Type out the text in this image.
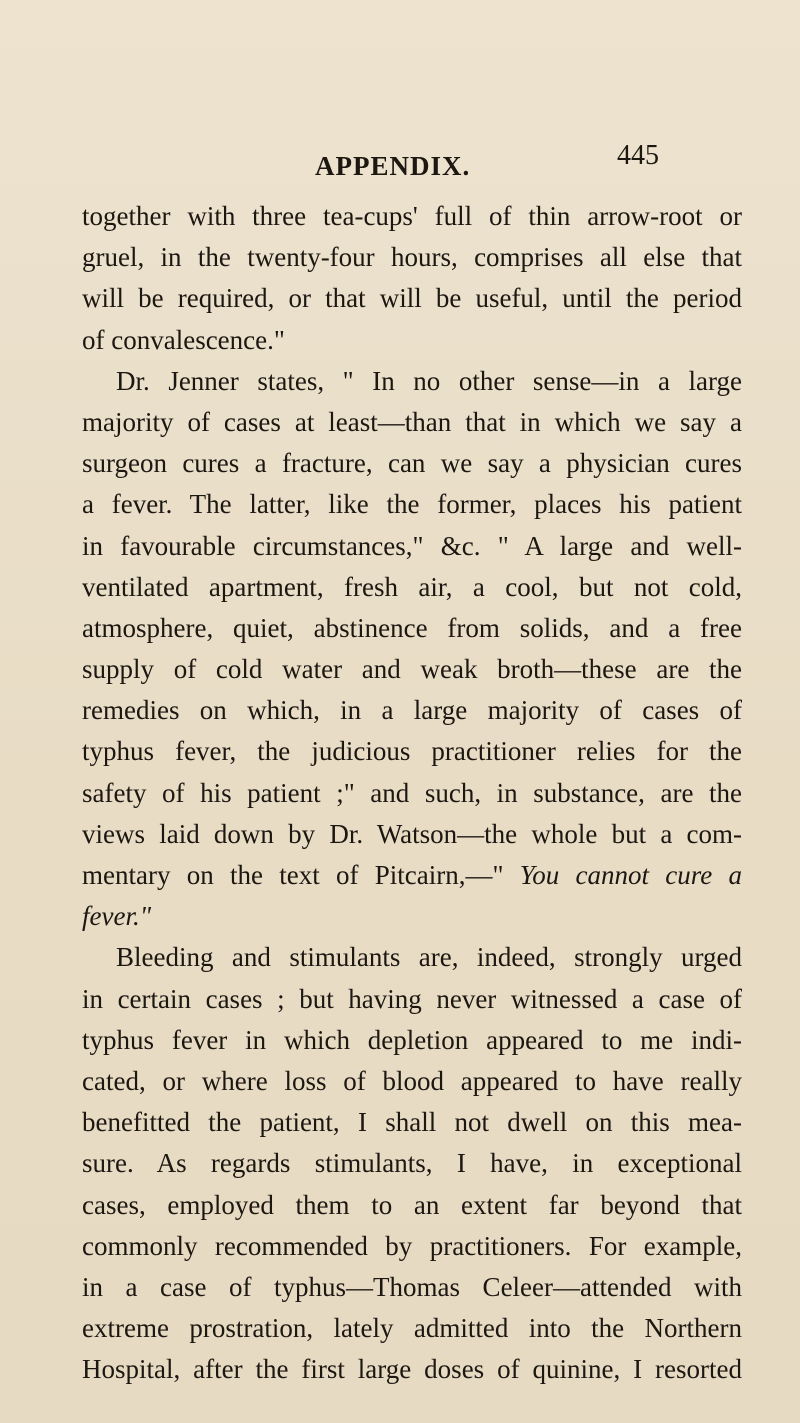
APPENDIX.	445
together with three tea-cups' full of thin arrow-root or
gruel, in the twenty-four hours, comprises all else that
will be required, or that will be useful, until the period
of convalescence."
Dr. Jenner states, " In no other sense—in a large
majority of cases at least—than that in which we say a
surgeon cures a fracture, can we say a physician cures
a fever. The latter, like the former, places his patient
in favourable circumstances," &c. " A large and well-
ventilated apartment, fresh air, a cool, but not cold,
atmosphere, quiet, abstinence from solids, and a free
supply of cold water and weak broth—these are the
remedies on which, in a large majority of cases of
typhus fever, the judicious practitioner relies for the
safety of his patient ;" and such, in substance, are the
views laid down by Dr. Watson—the whole but a com-
mentary on the text of Pitcairn,—" You cannot cure a
fever."
Bleeding and stimulants are, indeed, strongly urged
in certain cases ; but having never witnessed a case of
typhus fever in which depletion appeared to me indi-
cated, or where loss of blood appeared to have really
benefitted the patient, I shall not dwell on this mea-
sure. As regards stimulants, I have, in exceptional
cases, employed them to an extent far beyond that
commonly recommended by practitioners. For example,
in a case of typhus—Thomas Celeer—attended with
extreme prostration, lately admitted into the Northern
Hospital, after the first large doses of quinine, I resorted
